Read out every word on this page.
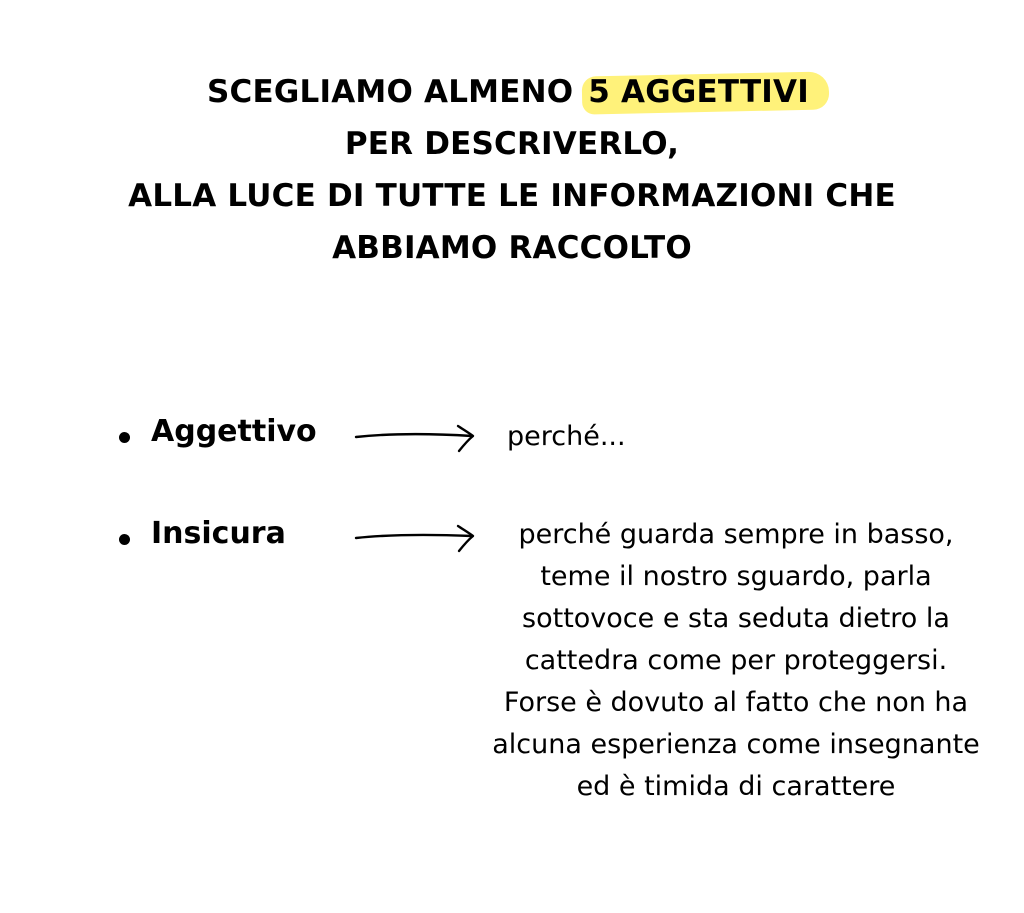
SCEGLIAMO ALMENO 5 AGGETTIVI
PER DESCRIVERLO,
ALLA LUCE DI TUTTE LE INFORMAZIONI CHE
ABBIAMO RACCOLTO
Aggettivo	perché...
Insicura	perché guarda sempre in basso,
teme il nostro sguardo, parla
sottovoce e sta seduta dietro la
cattedra come per proteggersi.
Forse è dovuto al fatto che non ha
alcuna esperienza come insegnante
ed è timida di carattere
